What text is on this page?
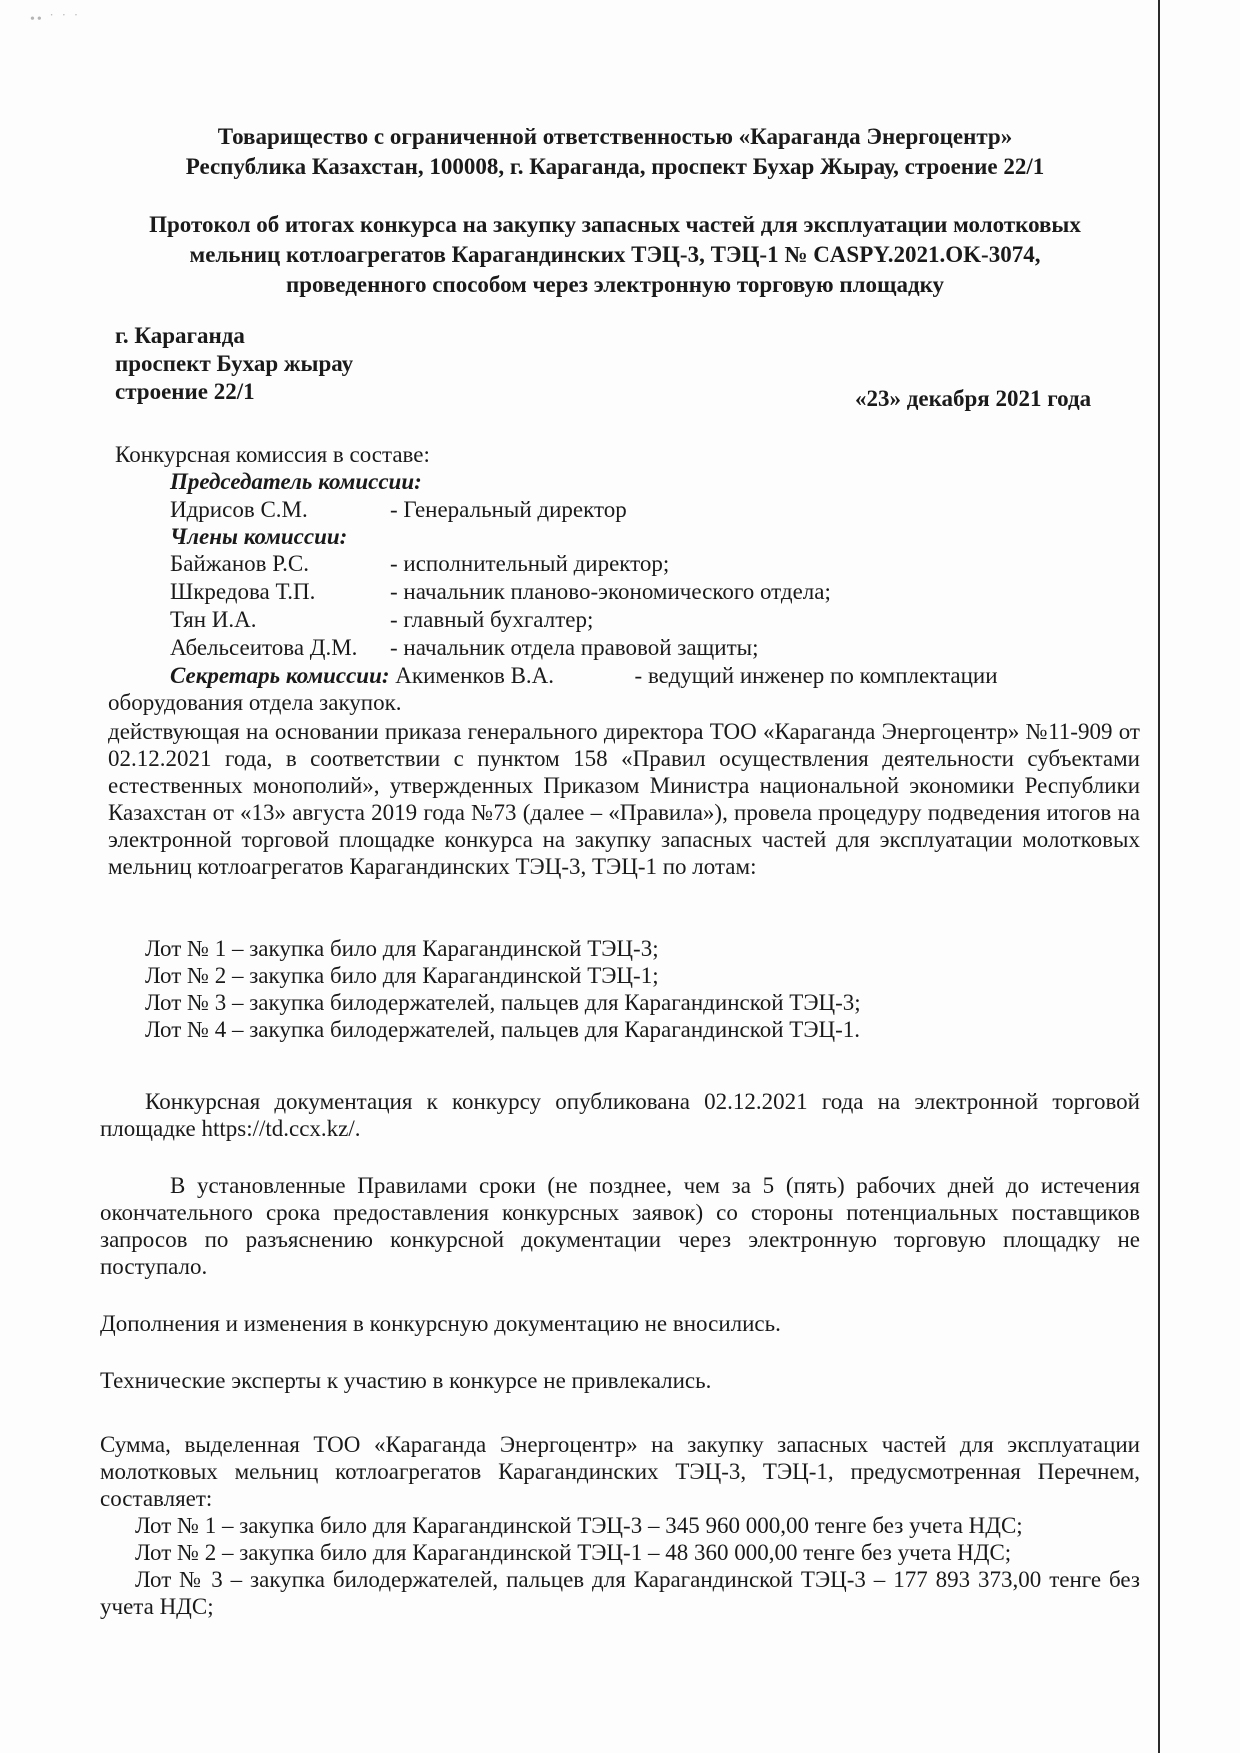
•• ˙ ˙ ˙
Товарищество с ограниченной ответственностью «Караганда Энергоцентр»
Республика Казахстан, 100008, г. Караганда, проспект Бухар Жырау, строение 22/1
Протокол об итогах конкурса на закупку запасных частей для эксплуатации молотковых
мельниц котлоагрегатов Карагандинских ТЭЦ-3, ТЭЦ-1 № CASPY.2021.OK-3074,
проведенного способом через электронную торговую площадку
г. Караганда
проспект Бухар жырау
строение 22/1	«23» декабря 2021 года
Конкурсная комиссия в составе:
Председатель комиссии:
Идрисов С.М.	- Генеральный директор
Члены комиссии:
Байжанов Р.С.	- исполнительный директор;
Шкредова Т.П.	- начальник планово-экономического отдела;
Тян И.А.	- главный бухгалтер;
Абельсеитова Д.М.	- начальник отдела правовой защиты;
Секретарь комиссии: Акименков В.А.              - ведущий инженер по комплектации
оборудования отдела закупок.
действующая на основании приказа генерального директора ТОО «Караганда Энергоцентр» №11-909 от 02.12.2021 года, в соответствии с пунктом 158 «Правил осуществления деятельности субъектами естественных монополий», утвержденных Приказом Министра национальной экономики Республики Казахстан от «13» августа 2019 года №73 (далее – «Правила»), провела процедуру подведения итогов на электронной торговой площадке конкурса на закупку запасных частей для эксплуатации молотковых мельниц котлоагрегатов Карагандинских ТЭЦ-3, ТЭЦ-1 по лотам:
Лот № 1 – закупка било для Карагандинской ТЭЦ-3;
Лот № 2 – закупка било для Карагандинской ТЭЦ-1;
Лот № 3 – закупка билодержателей, пальцев для Карагандинской ТЭЦ-3;
Лот № 4 – закупка билодержателей, пальцев для Карагандинской ТЭЦ-1.
Конкурсная документация к конкурсу опубликована 02.12.2021 года на электронной торговой площадке https://td.ccx.kz/.
В установленные Правилами сроки (не позднее, чем за 5 (пять) рабочих дней до истечения окончательного срока предоставления конкурсных заявок) со стороны потенциальных поставщиков запросов по разъяснению конкурсной документации через электронную торговую площадку не поступало.
Дополнения и изменения в конкурсную документацию не вносились.
Технические эксперты к участию в конкурсе не привлекались.
Сумма, выделенная ТОО «Караганда Энергоцентр» на закупку запасных частей для эксплуатации молотковых мельниц котлоагрегатов Карагандинских ТЭЦ-3, ТЭЦ-1, предусмотренная Перечнем, составляет:
Лот № 1 – закупка било для Карагандинской ТЭЦ-3 – 345 960 000,00 тенге без учета НДС;
Лот № 2 – закупка било для Карагандинской ТЭЦ-1 – 48 360 000,00 тенге без учета НДС;
Лот № 3 – закупка билодержателей, пальцев для Карагандинской ТЭЦ-3 – 177 893 373,00 тенге без учета НДС;
